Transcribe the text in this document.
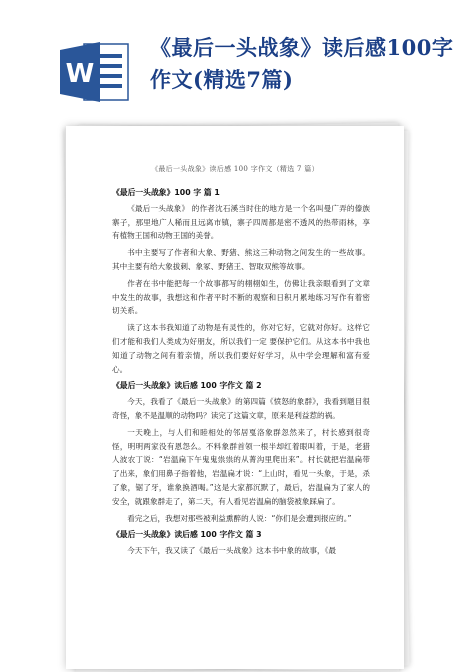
W
《最后一头战象》读后感100字作文(精选7篇)
《最后一头战象》读后感 100 字作文（精选 7 篇）
《最后一头战象》100 字 篇 1

《最后一头战象》 的作者沈石溪当时住的地方是一个名叫曼广弄的傣族寨子，那里地广人稀而且远离市镇，寨子四周都是密不透风的热带雨林，享有植物王国和动物王国的美誉。

书中主要写了作者和大象、野猪、熊这三种动物之间发生的一些故事。其中主要有给大象拔刺、象冢、野猪王、智取双熊等故事。

作者在书中能把每一个故事都写的栩栩如生，仿佛让我亲眼看到了文章中发生的故事，我想这和作者平时不断的观察和日积月累地练习写作有着密切关系。

读了这本书我知道了动物是有灵性的，你对它好，它就对你好。这样它们才能和我们人类成为好朋友，所以我们一定 要保护它们。从这本书中我也知道了动物之间有着亲情，所以我们要好好学习，从中学会理解和富有爱心。

《最后一头战象》读后感 100 字作文 篇 2

今天，我看了《最后一头战象》的第四篇《愤怒的象群》，我看到题目很奇怪，象不是温顺的动物吗？读完了这篇文章，原来是利益惹的祸。

一天晚上，与人们和睦相处的邻居戛洛象群忽然来了，村长感到很奇怪，明明两家没有恩怨么。不料象群首领一根半却红着眼叫着，于是，老猎人波农丁说：“岩温扁下午鬼鬼祟祟的从菁沟里爬出来”。村长就把岩温扁带了出来，象们用鼻子指着他，岩温扁才说：“上山时，看见一头象，于是，杀了象，锯了牙，谁象换酒喝。”这是大家都沉默了，最后，岩温扁为了家人的安全，就跟象群走了，第二天，有人看见岩温扁的脑袋被象踩扁了。

看完之后，我想对那些被利益熏醉的人说：“你们是会遭到报应的。”

《最后一头战象》读后感 100 字作文 篇 3

今天下午，我又读了《最后一头战象》这本书中象的故事，《最
